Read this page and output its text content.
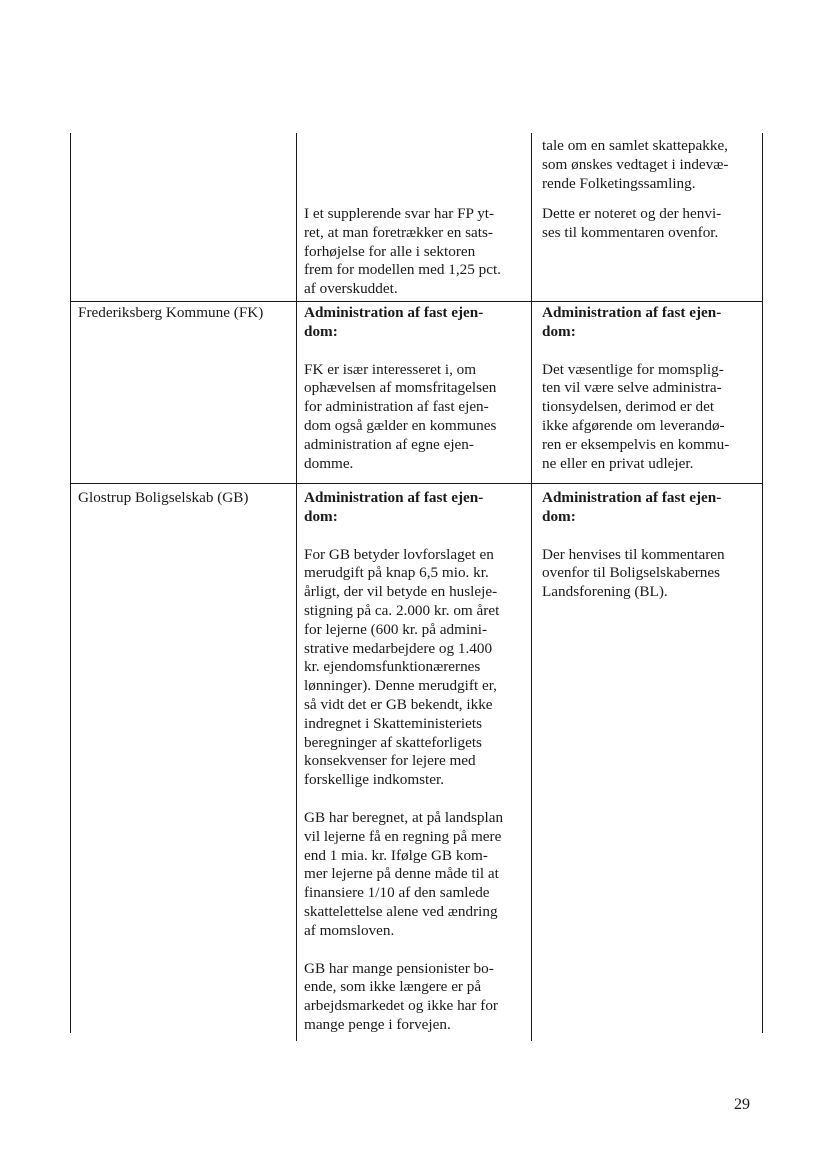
tale om en samlet skattepakke,
som ønskes vedtaget i indevæ-
rende Folketingssamling.

I et supplerende svar har FP yt-
ret, at man foretrækker en sats-
forhøjelse for alle i sektoren
frem for modellen med 1,25 pct.
af overskuddet.

Dette er noteret og der henvi-
ses til kommentaren ovenfor.

Frederiksberg Kommune (FK)	Administration af fast ejen-
dom:

FK er især interesseret i, om
ophævelsen af momsfritagelsen
for administration af fast ejen-
dom også gælder en kommunes
administration af egne ejen-
domme.

Administration af fast ejen-
dom:

Det væsentlige for momsplig-
ten vil være selve administra-
tionsydelsen, derimod er det
ikke afgørende om leverandø-
ren er eksempelvis en kommu-
ne eller en privat udlejer.

Glostrup Boligselskab (GB)	Administration af fast ejen-
dom:

For GB betyder lovforslaget en
merudgift på knap 6,5 mio. kr.
årligt, der vil betyde en husleje-
stigning på ca. 2.000 kr. om året
for lejerne (600 kr. på admini-
strative medarbejdere og 1.400
kr. ejendomsfunktionærernes
lønninger). Denne merudgift er,
så vidt det er GB bekendt, ikke
indregnet i Skatteministeriets
beregninger af skatteforligets
konsekvenser for lejere med
forskellige indkomster.

GB har beregnet, at på landsplan
vil lejerne få en regning på mere
end 1 mia. kr. Ifølge GB kom-
mer lejerne på denne måde til at
finansiere 1/10 af den samlede
skattelettelse alene ved ændring
af momsloven.

GB har mange pensionister bo-
ende, som ikke længere er på
arbejdsmarkedet og ikke har for
mange penge i forvejen.

Administration af fast ejen-
dom:

Der henvises til kommentaren
ovenfor til Boligselskabernes
Landsforening (BL).

29
